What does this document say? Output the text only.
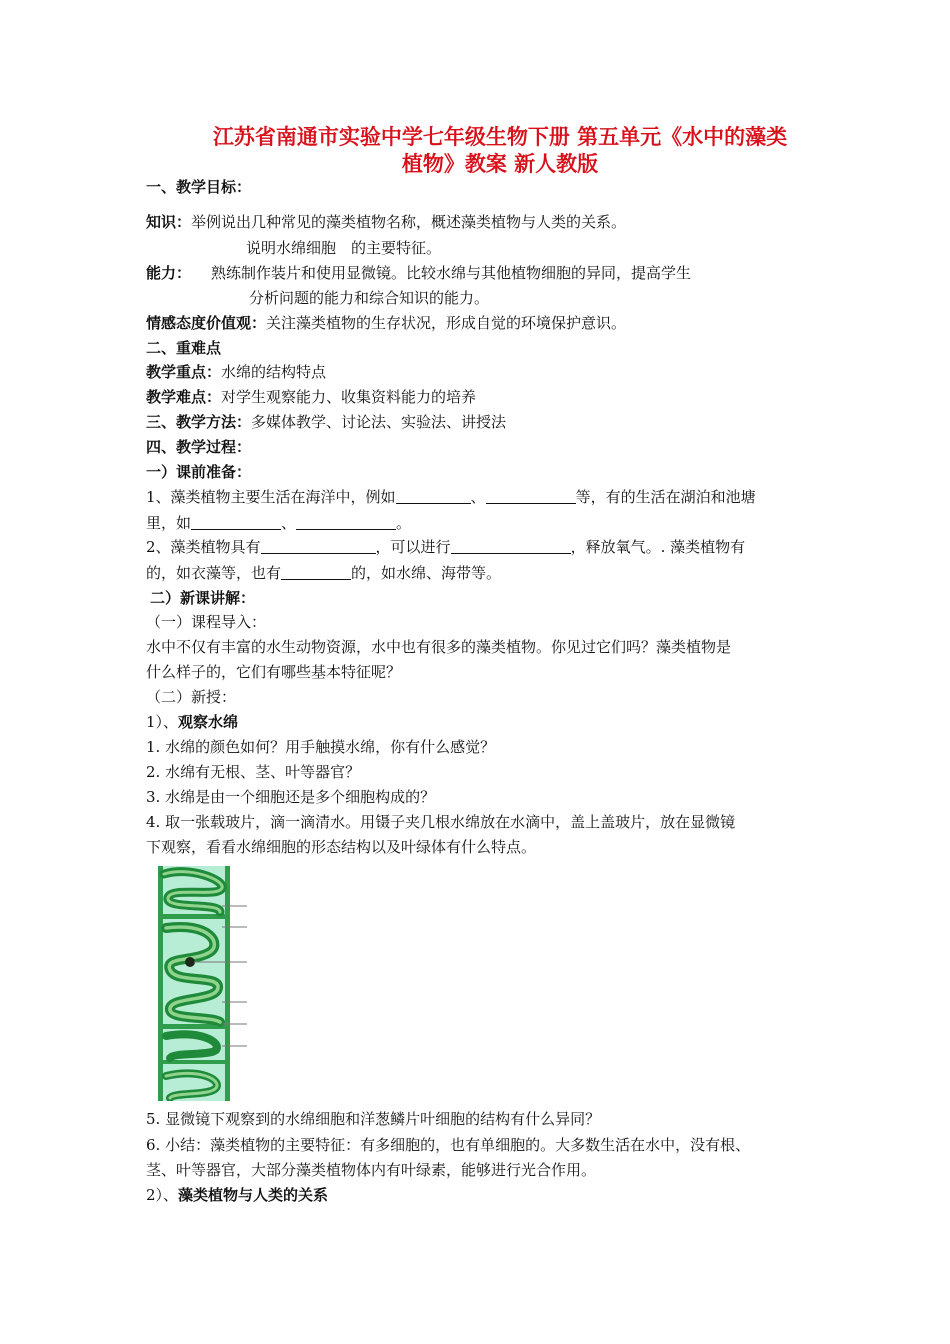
江苏省南通市实验中学七年级生物下册 第五单元《水中的藻类
植物》教案 新人教版
一、教学目标：
知识：举例说出几种常见的藻类植物名称，概述藻类植物与人类的关系。
说明水绵细胞 的主要特征。
能力： 熟练制作装片和使用显微镜。比较水绵与其他植物细胞的异同，提高学生
分析问题的能力和综合知识的能力。
情感态度价值观：关注藻类植物的生存状况，形成自觉的环境保护意识。
二、重难点
教学重点：水绵的结构特点
教学难点：对学生观察能力、收集资料能力的培养
三、教学方法：多媒体教学、讨论法、实验法、讲授法
四、教学过程：
一）课前准备：
1、藻类植物主要生活在海洋中，例如	、	等，有的生活在湖泊和池塘
里，如	、	。
2、藻类植物具有	，可以进行	，释放氧气。. 藻类植物有
的，如衣藻等，也有	的，如水绵、海带等。
二）新课讲解：
（一）课程导入：
水中不仅有丰富的水生动物资源，水中也有很多的藻类植物。你见过它们吗？藻类植物是
什么样子的，它们有哪些基本特征呢？
（二）新授：
1）、观察水绵
1. 水绵的颜色如何？用手触摸水绵，你有什么感觉？
2. 水绵有无根、茎、叶等器官？
3. 水绵是由一个细胞还是多个细胞构成的？
4. 取一张载玻片，滴一滴清水。用镊子夹几根水绵放在水滴中，盖上盖玻片，放在显微镜
下观察，看看水绵细胞的形态结构以及叶绿体有什么特点。
5. 显微镜下观察到的水绵细胞和洋葱鳞片叶细胞的结构有什么异同？
6. 小结：藻类植物的主要特征：有多细胞的，也有单细胞的。大多数生活在水中，没有根、
茎、叶等器官，大部分藻类植物体内有叶绿素，能够进行光合作用。
2）、藻类植物与人类的关系
